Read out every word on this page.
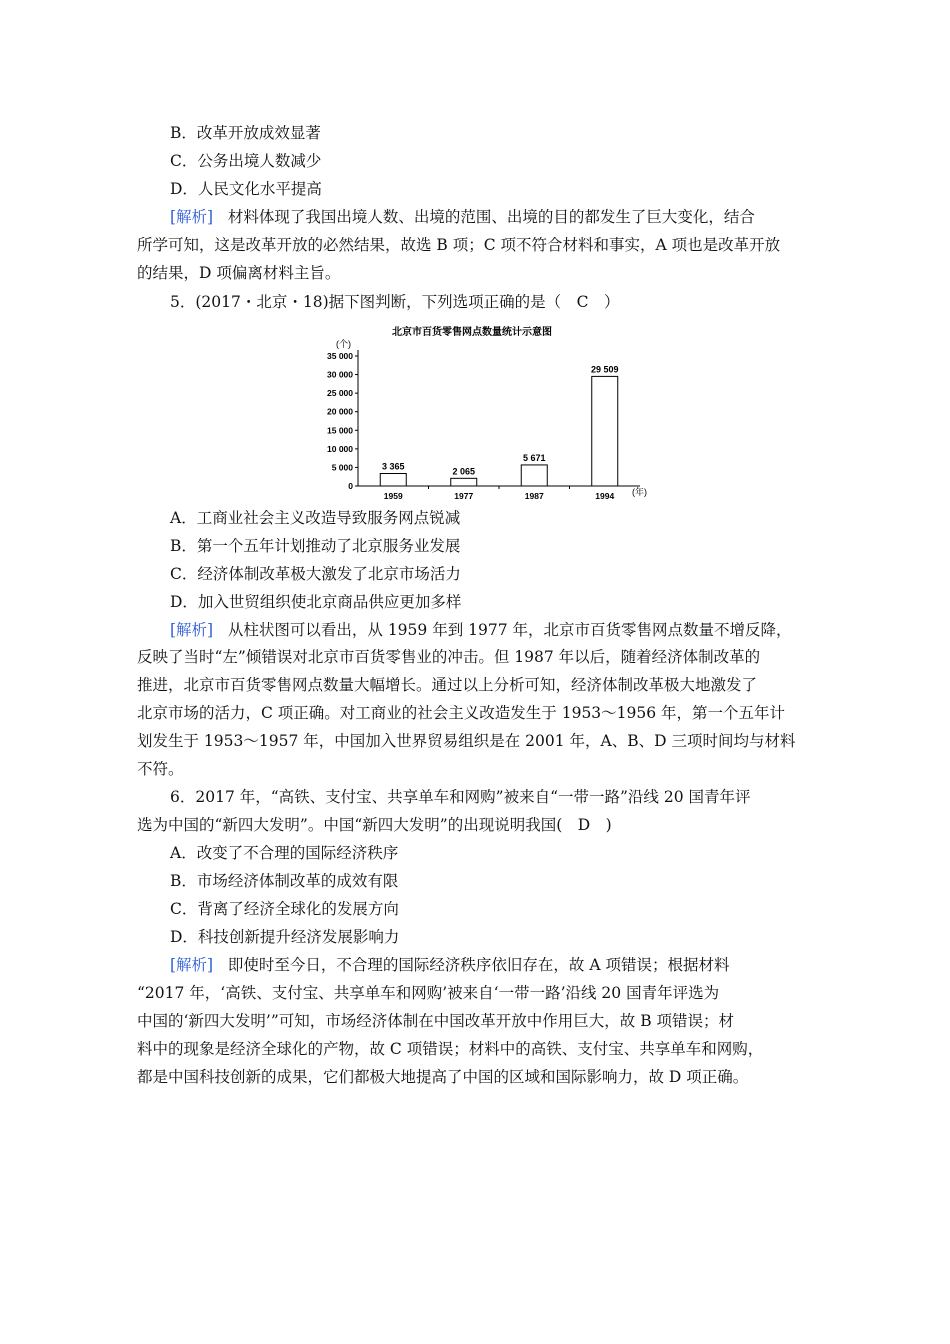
B．改革开放成效显著
C．公务出境人数减少
D．人民文化水平提高
[解析] 材料体现了我国出境人数、出境的范围、出境的目的都发生了巨大变化，结合
所学可知，这是改革开放的必然结果，故选 B 项；C 项不符合材料和事实，A 项也是改革开放
的结果，D 项偏离材料主旨。
5．(2017・北京・18)据下图判断，下列选项正确的是（　C　）
北京市百货零售网点数量统计示意图
(个)
(年)
0
5 000
10 000
15 000
20 000
25 000
30 000
35 000
3 365	2 065
5 671
29 509
1959	1977	1987	1994
A．工商业社会主义改造导致服务网点锐减
B．第一个五年计划推动了北京服务业发展
C．经济体制改革极大激发了北京市场活力
D．加入世贸组织使北京商品供应更加多样
[解析] 从柱状图可以看出，从 1959 年到 1977 年，北京市百货零售网点数量不增反降，
反映了当时“左”倾错误对北京市百货零售业的冲击。但 1987 年以后，随着经济体制改革的
推进，北京市百货零售网点数量大幅增长。通过以上分析可知，经济体制改革极大地激发了
北京市场的活力，C 项正确。对工商业的社会主义改造发生于 1953～1956 年，第一个五年计
划发生于 1953～1957 年，中国加入世界贸易组织是在 2001 年，A、B、D 三项时间均与材料
不符。
6．2017 年，“高铁、支付宝、共享单车和网购”被来自“一带一路”沿线 20 国青年评
选为中国的“新四大发明”。中国“新四大发明”的出现说明我国(　D　)
A．改变了不合理的国际经济秩序
B．市场经济体制改革的成效有限
C．背离了经济全球化的发展方向
D．科技创新提升经济发展影响力
[解析] 即使时至今日，不合理的国际经济秩序依旧存在，故 A 项错误；根据材料
“2017 年，‘高铁、支付宝、共享单车和网购’被来自‘一带一路’沿线 20 国青年评选为
中国的‘新四大发明’”可知，市场经济体制在中国改革开放中作用巨大，故 B 项错误；材
料中的现象是经济全球化的产物，故 C 项错误；材料中的高铁、支付宝、共享单车和网购，
都是中国科技创新的成果，它们都极大地提高了中国的区域和国际影响力，故 D 项正确。
